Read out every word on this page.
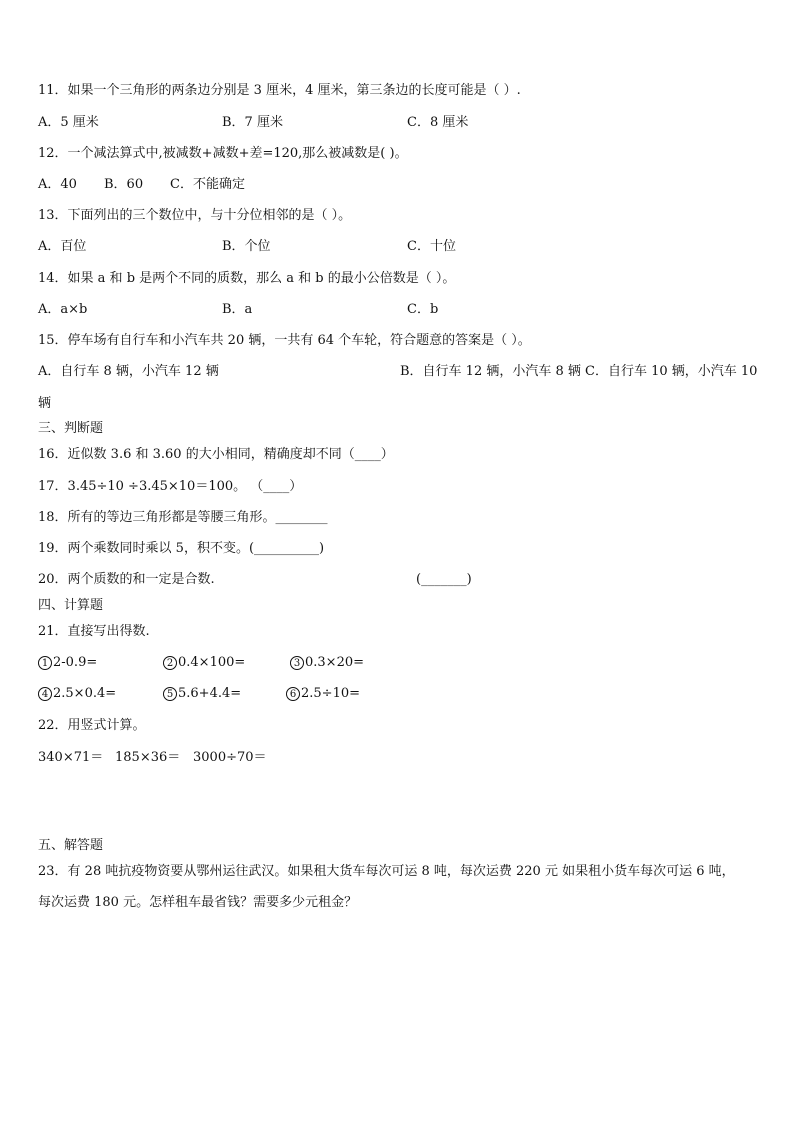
11．如果一个三角形的两条边分别是 3 厘米，4 厘米，第三条边的长度可能是（ ）.
A．5 厘米	B．7 厘米	C．8 厘米
12．一个减法算式中,被减数+减数+差=120,那么被减数是( )。
A．40 B．60 C．不能确定
13．下面列出的三个数位中，与十分位相邻的是（ ）。
A．百位	B．个位	C．十位
14．如果 a 和 b 是两个不同的质数，那么 a 和 b 的最小公倍数是（ ）。
A．a×b	B．a	C．b
15．停车场有自行车和小汽车共 20 辆，一共有 64 个车轮，符合题意的答案是（ ）。
A．自行车 8 辆，小汽车 12 辆	B．自行车 12 辆，小汽车 8 辆 C．自行车 10 辆，小汽车 10
辆
三、判断题
16．近似数 3.6 和 3.60 的大小相同，精确度却不同（____）
17．3.45÷10 ÷3.45×10＝100。 （____）
18．所有的等边三角形都是等腰三角形。________
19．两个乘数同时乘以 5，积不变。(__________)
20．两个质数的和一定是合数.	(_______)
四、计算题
21．直接写出得数.
1 2-0.9=	2 0.4×100=	3 0.3×20=
4 2.5×0.4=	5 5.6+4.4=	6 2.5÷10=
22．用竖式计算。
340×71＝ 185×36＝ 3000÷70＝
五、解答题
23．有 28 吨抗疫物资要从鄂州运往武汉。如果租大货车每次可运 8 吨，每次运费 220 元 如果租小货车每次可运 6 吨，
每次运费 180 元。怎样租车最省钱？需要多少元租金？
